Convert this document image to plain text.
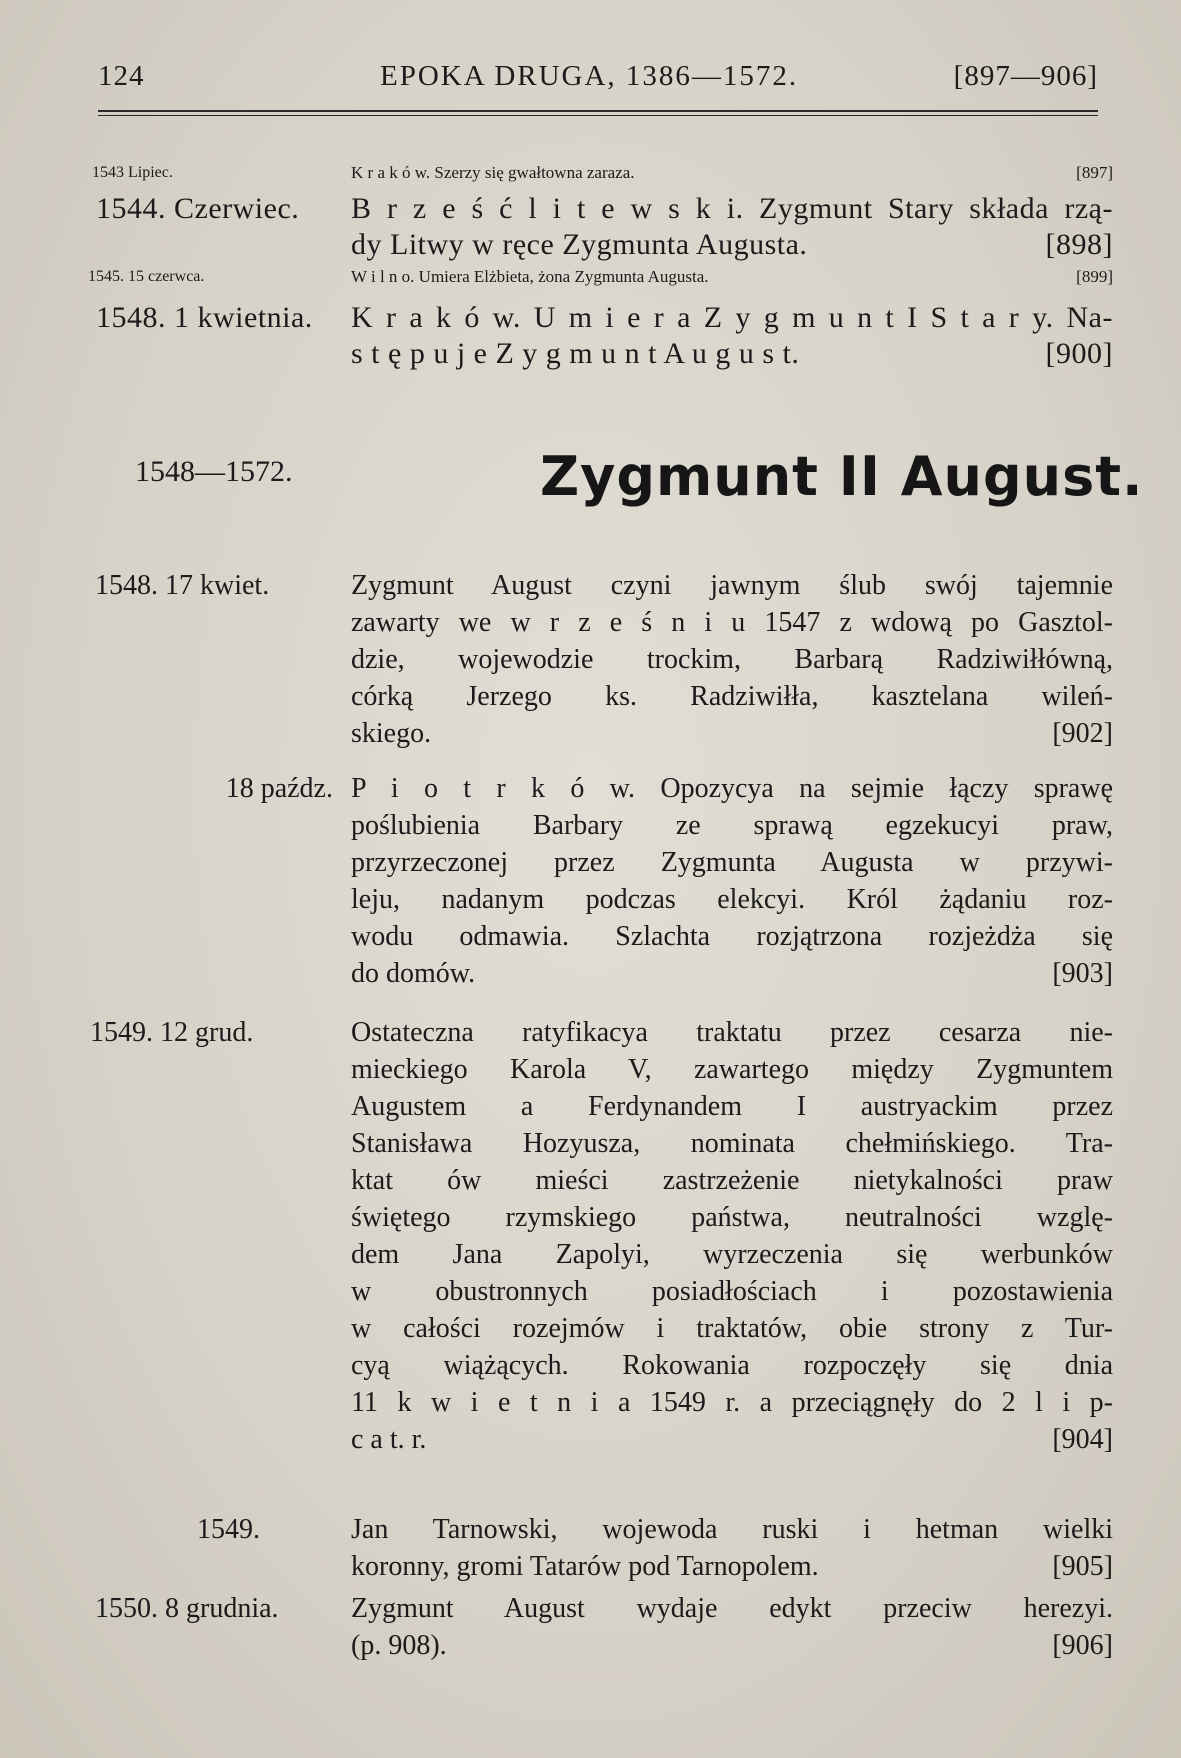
124	EPOKA DRUGA, 1386—1572.	[897—906]
1543 Lipiec.	K r a k ó w. Szerzy się gwałtowna zaraza.	[897]
1544. Czerwiec.	B r z e ś ć l i t e w s k i. Zygmunt Stary składa rzą-
dy Litwy w ręce Zygmunta Augusta.	[898]
1545. 15 czerwca.	W i l n o. Umiera Elżbieta, żona Zygmunta Augusta.	[899]
1548. 1 kwietnia.	K r a k ó w. U m i e r a Z y g m u n t I S t a r y. Na-
s t ę p u j e Z y g m u n t A u g u s t.	[900]
1548—1572.	Zygmunt II August.
1548. 17 kwiet.	Zygmunt August czyni jawnym ślub swój tajemnie
zawarty we w r z e ś n i u 1547 z wdową po Gasztol-
dzie, wojewodzie trockim, Barbarą Radziwiłłówną,
córką Jerzego ks. Radziwiłła, kasztelana wileń-
skiego.	[902]
18 paźdz. P i o t r k ó w. Opozycya na sejmie łączy sprawę
poślubienia Barbary ze sprawą egzekucyi praw,
przyrzeczonej przez Zygmunta Augusta w przywi-
leju, nadanym podczas elekcyi. Król żądaniu roz-
wodu odmawia. Szlachta rozjątrzona rozjeżdża się
do domów.	[903]
1549. 12 grud.	Ostateczna ratyfikacya traktatu przez cesarza nie-
mieckiego Karola V, zawartego między Zygmuntem
Augustem a Ferdynandem I austryackim przez
Stanisława Hozyusza, nominata chełmińskiego. Tra-
ktat ów mieści zastrzeżenie nietykalności praw
świętego rzymskiego państwa, neutralności wzglę-
dem Jana Zapolyi, wyrzeczenia się werbunków
w obustronnych posiadłościach i pozostawienia
w całości rozejmów i traktatów, obie strony z Tur-
cyą wiążących. Rokowania rozpoczęły się dnia
11 k w i e t n i a 1549 r. a przeciągnęły do 2 l i p-
c a t. r.	[904]
1549.	Jan Tarnowski, wojewoda ruski i hetman wielki
koronny, gromi Tatarów pod Tarnopolem.	[905]
1550. 8 grudnia.	Zygmunt August wydaje edykt przeciw herezyi.
(p. 908).	[906]
